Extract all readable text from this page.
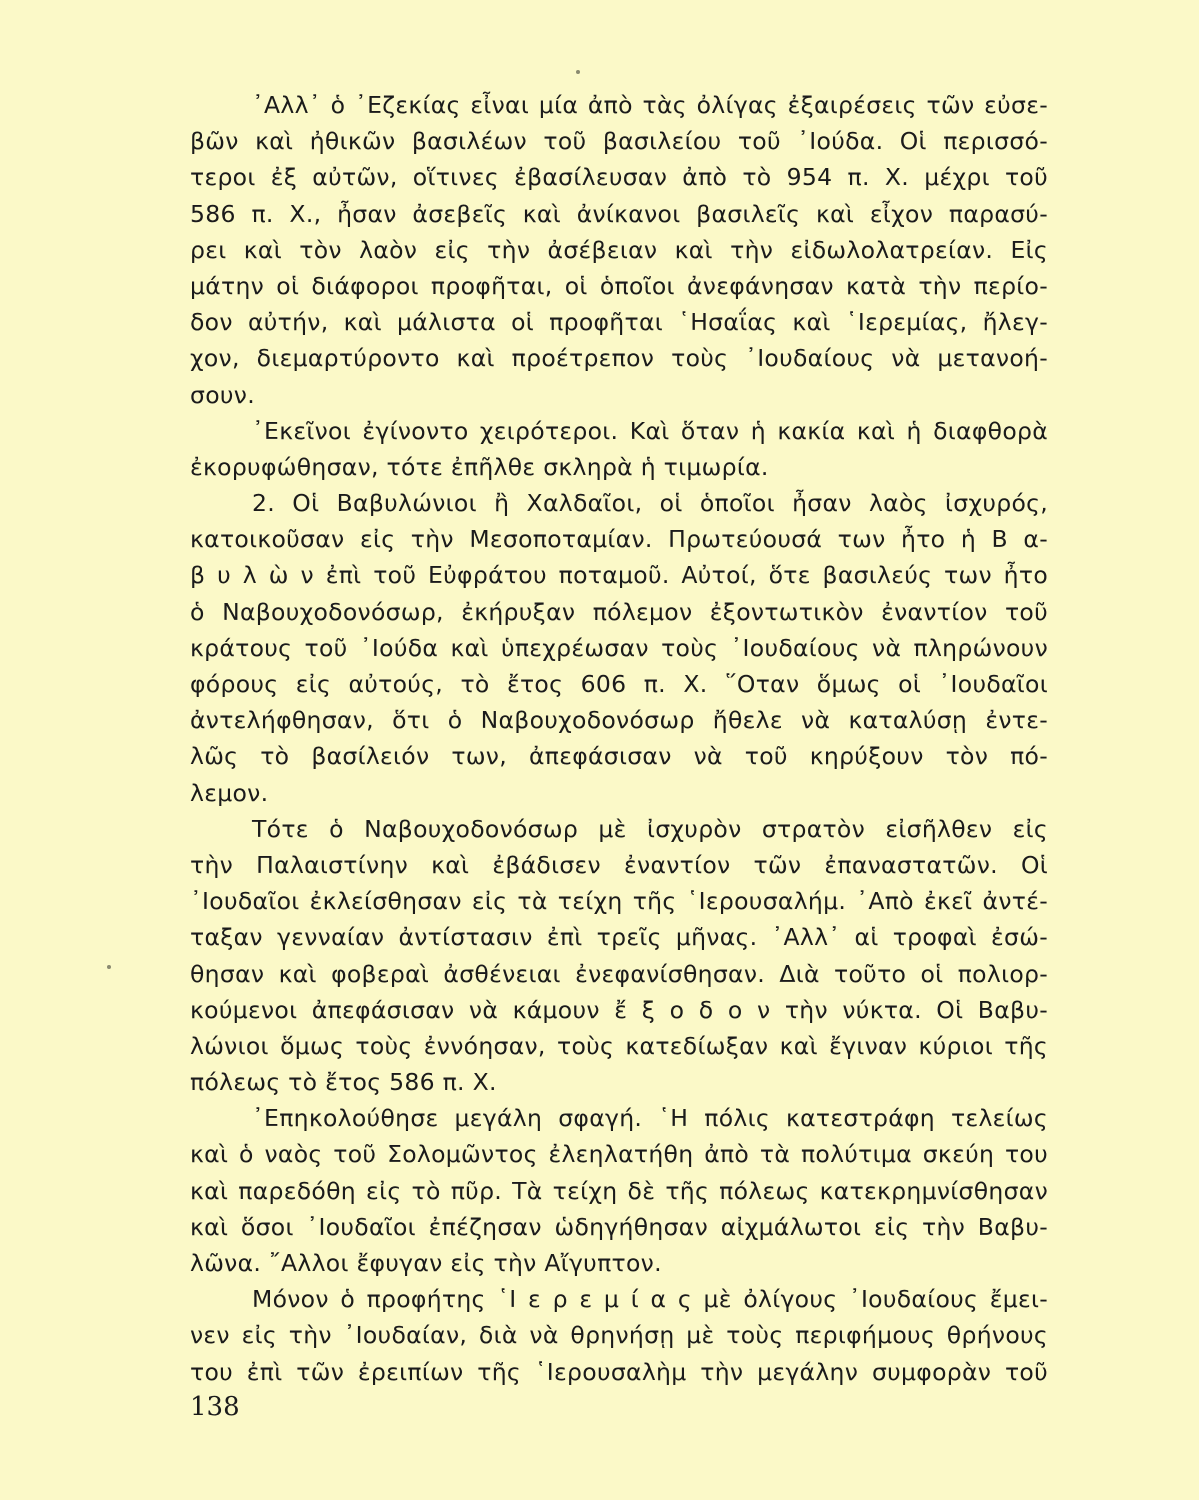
᾿Αλλ᾿ ὁ ᾿Εζεκίας εἶναι μία ἀπὸ τὰς ὀλίγας ἐξαιρέσεις τῶν εὐσε-
βῶν καὶ ἠθικῶν βασιλέων τοῦ βασιλείου τοῦ ᾿Ιούδα. Οἱ περισσό-
τεροι ἐξ αὐτῶν, οἵτινες ἐβασίλευσαν ἀπὸ τὸ 954 π. Χ. μέχρι τοῦ
586 π. Χ., ἦσαν ἀσεβεῖς καὶ ἀνίκανοι βασιλεῖς καὶ εἶχον παρασύ-
ρει καὶ τὸν λαὸν εἰς τὴν ἀσέβειαν καὶ τὴν εἰδωλολατρείαν. Εἰς
μάτην οἱ διάφοροι προφῆται, οἱ ὁποῖοι ἀνεφάνησαν κατὰ τὴν περίο-
δον αὐτήν, καὶ μάλιστα οἱ προφῆται ῾Ησαΐας καὶ ῾Ιερεμίας, ἤλεγ-
χον, διεμαρτύροντο καὶ προέτρεπον τοὺς ᾿Ιουδαίους νὰ μετανοή-
σουν.
᾿Εκεῖνοι ἐγίνοντο χειρότεροι. Καὶ ὅταν ἡ κακία καὶ ἡ διαφθορὰ
ἐκορυφώθησαν, τότε ἐπῆλθε σκληρὰ ἡ τιμωρία.
2. Οἱ Βαβυλώνιοι ἢ Χαλδαῖοι, οἱ ὁποῖοι ἦσαν λαὸς ἰσχυρός,
κατοικοῦσαν εἰς τὴν Μεσοποταμίαν. Πρωτεύουσά των ἦτο ἡ Β α-
β υ λ ὼ ν ἐπὶ τοῦ Εὐφράτου ποταμοῦ. Αὐτοί, ὅτε βασιλεύς των ἦτο
ὁ Ναβουχοδονόσωρ, ἐκήρυξαν πόλεμον ἐξοντωτικὸν ἐναντίον τοῦ
κράτους τοῦ ᾿Ιούδα καὶ ὑπεχρέωσαν τοὺς ᾿Ιουδαίους νὰ πληρώνουν
φόρους εἰς αὐτούς, τὸ ἔτος 606 π. Χ. ῞Οταν ὅμως οἱ ᾿Ιουδαῖοι
ἀντελήφθησαν, ὅτι ὁ Ναβουχοδονόσωρ ἤθελε νὰ καταλύσῃ ἐντε-
λῶς τὸ βασίλειόν των, ἀπεφάσισαν νὰ τοῦ κηρύξουν τὸν πό-
λεμον.
Τότε ὁ Ναβουχοδονόσωρ μὲ ἰσχυρὸν στρατὸν εἰσῆλθεν εἰς
τὴν Παλαιστίνην καὶ ἐβάδισεν ἐναντίον τῶν ἐπαναστατῶν. Οἱ
᾿Ιουδαῖοι ἐκλείσθησαν εἰς τὰ τείχη τῆς ῾Ιερουσαλήμ. ᾿Απὸ ἐκεῖ ἀντέ-
ταξαν γενναίαν ἀντίστασιν ἐπὶ τρεῖς μῆνας. ᾿Αλλ᾿ αἱ τροφαὶ ἐσώ-
θησαν καὶ φοβεραὶ ἀσθένειαι ἐνεφανίσθησαν. Διὰ τοῦτο οἱ πολιορ-
κούμενοι ἀπεφάσισαν νὰ κάμουν ἔ ξ ο δ ο ν τὴν νύκτα. Οἱ Βαβυ-
λώνιοι ὅμως τοὺς ἐννόησαν, τοὺς κατεδίωξαν καὶ ἔγιναν κύριοι τῆς
πόλεως τὸ ἔτος 586 π. Χ.
᾿Επηκολούθησε μεγάλη σφαγή. ῾Η πόλις κατεστράφη τελείως
καὶ ὁ ναὸς τοῦ Σολομῶντος ἐλεηλατήθη ἀπὸ τὰ πολύτιμα σκεύη του
καὶ παρεδόθη εἰς τὸ πῦρ. Τὰ τείχη δὲ τῆς πόλεως κατεκρημνίσθησαν
καὶ ὅσοι ᾿Ιουδαῖοι ἐπέζησαν ὡδηγήθησαν αἰχμάλωτοι εἰς τὴν Βαβυ-
λῶνα. ῎Αλλοι ἔφυγαν εἰς τὴν Αἴγυπτον.
Μόνον ὁ προφήτης ῾Ι ε ρ ε μ ί α ς μὲ ὀλίγους ᾿Ιουδαίους ἔμει-
νεν εἰς τὴν ᾿Ιουδαίαν, διὰ νὰ θρηνήσῃ μὲ τοὺς περιφήμους θρήνους
του ἐπὶ τῶν ἐρειπίων τῆς ῾Ιερουσαλὴμ τὴν μεγάλην συμφορὰν τοῦ
138
